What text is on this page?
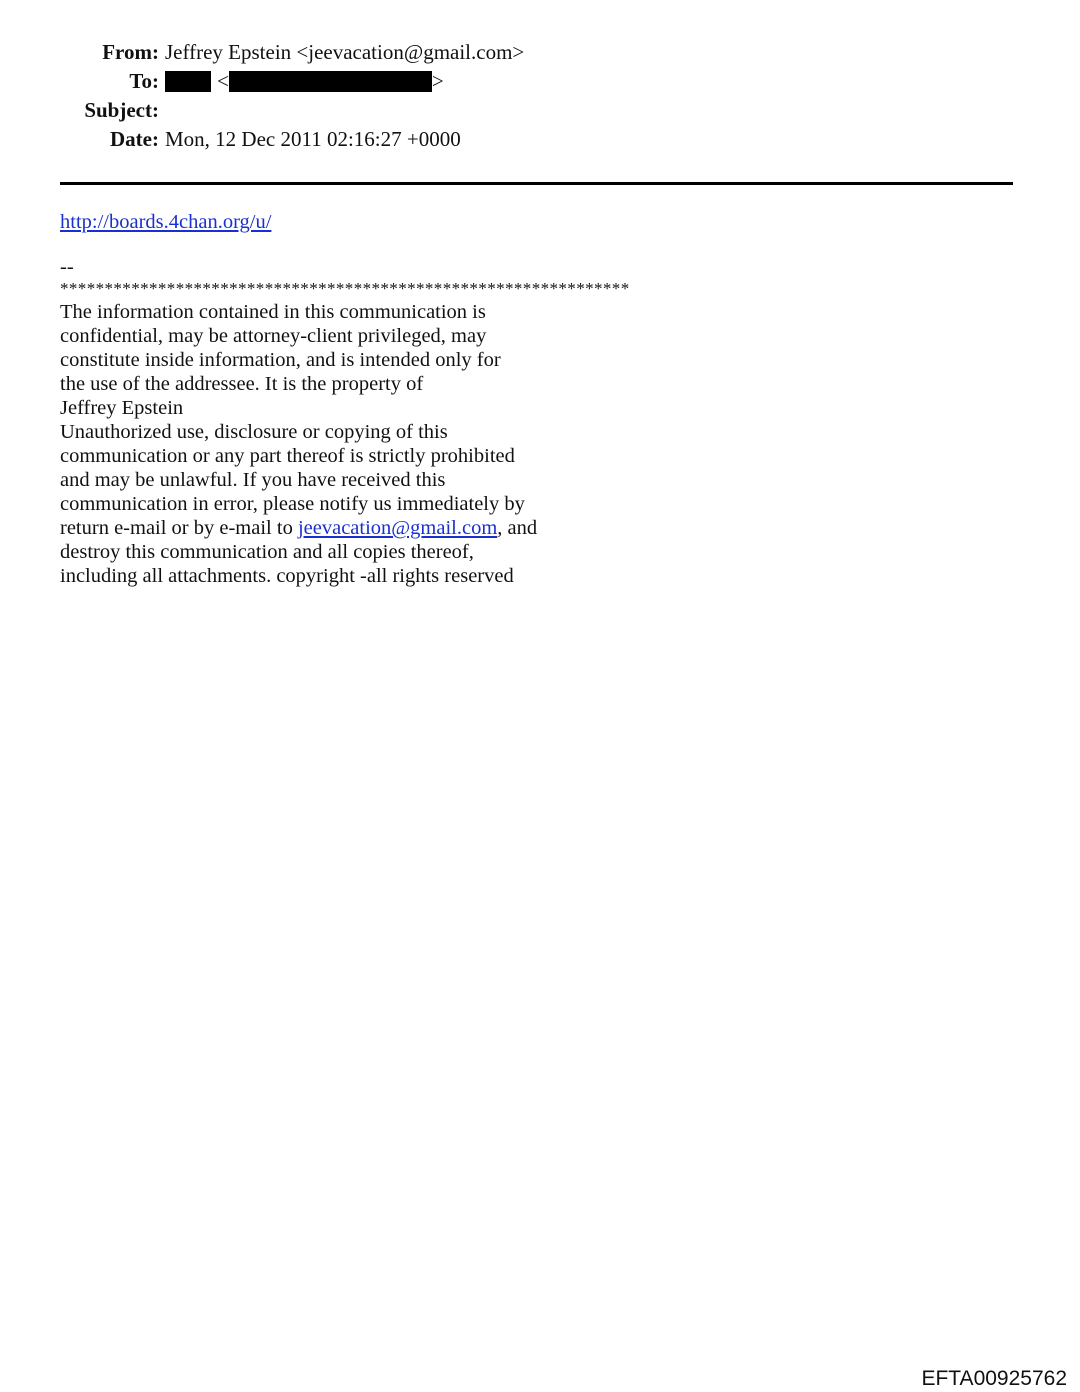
From: Jeffrey Epstein <jeevacation@gmail.com>
To:	<	>
Subject:
Date: Mon, 12 Dec 2011 02:16:27 +0000
http://boards.4chan.org/u/
--
****************************************************************

The information contained in this communication is

confidential, may be attorney-client privileged, may

constitute inside information, and is intended only for

the use of the addressee. It is the property of

Jeffrey Epstein

Unauthorized use, disclosure or copying of this

communication or any part thereof is strictly prohibited

and may be unlawful. If you have received this

communication in error, please notify us immediately by

return e-mail or by e-mail to jeevacation@gmail.com, and

destroy this communication and all copies thereof,

including all attachments. copyright -all rights reserved

EFTA00925762
